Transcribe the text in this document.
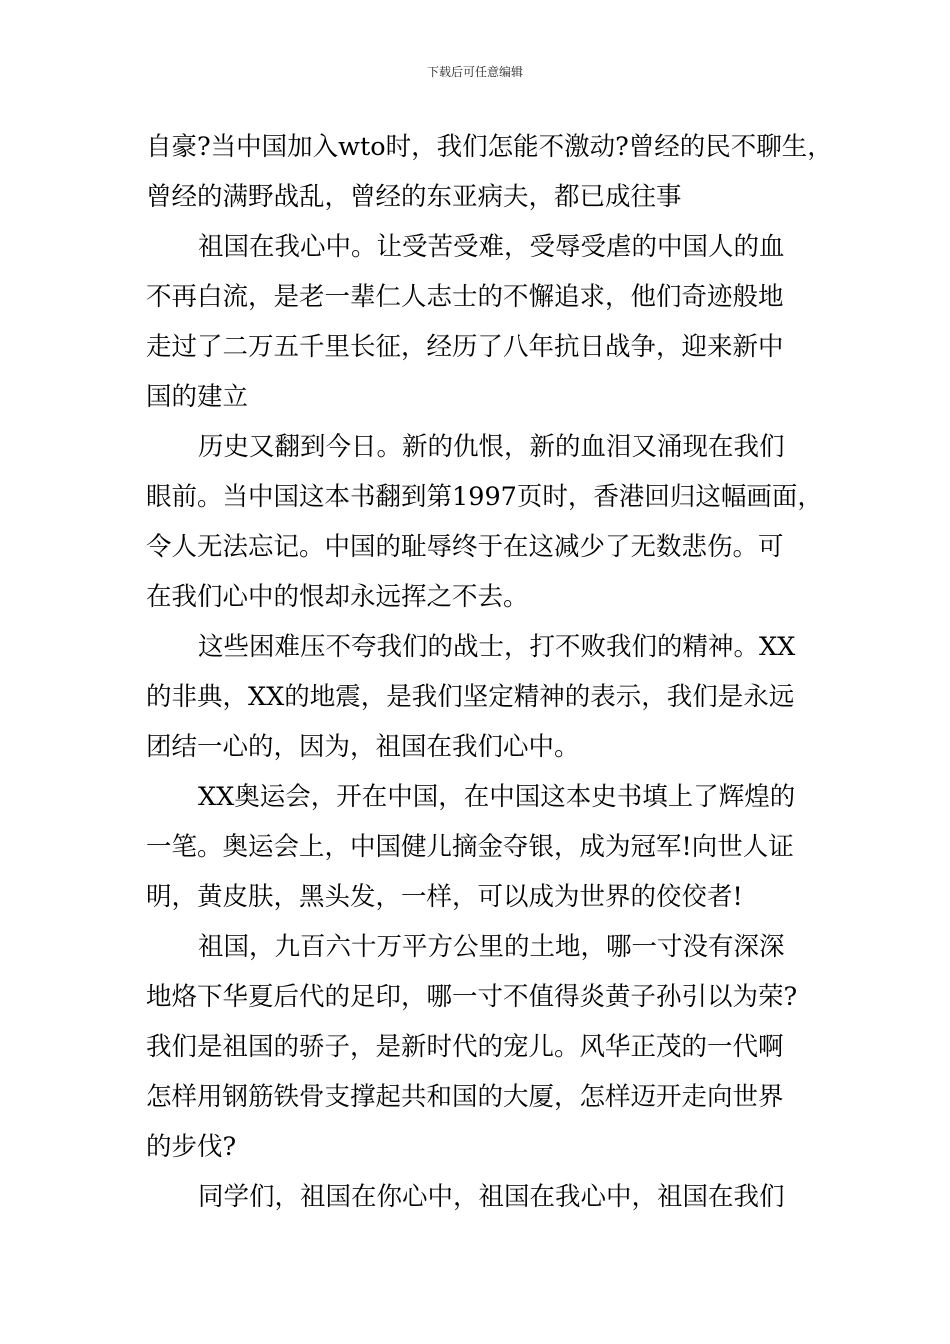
下载后可任意编辑
自豪?当中国加入wto时，我们怎能不激动?曾经的民不聊生，
曾经的满野战乱，曾经的东亚病夫，都已成往事
祖国在我心中。让受苦受难，受辱受虐的中国人的血
不再白流，是老一辈仁人志士的不懈追求，他们奇迹般地
走过了二万五千里长征，经历了八年抗日战争，迎来新中
国的建立
历史又翻到今日。新的仇恨，新的血泪又涌现在我们
眼前。当中国这本书翻到第1997页时，香港回归这幅画面，
令人无法忘记。中国的耻辱终于在这减少了无数悲伤。可
在我们心中的恨却永远挥之不去。
这些困难压不夸我们的战士，打不败我们的精神。XX
的非典，XX的地震，是我们坚定精神的表示，我们是永远
团结一心的，因为，祖国在我们心中。
XX奥运会，开在中国，在中国这本史书填上了辉煌的
一笔。奥运会上，中国健儿摘金夺银，成为冠军!向世人证
明，黄皮肤，黑头发，一样，可以成为世界的佼佼者!
祖国，九百六十万平方公里的土地，哪一寸没有深深
地烙下华夏后代的足印，哪一寸不值得炎黄子孙引以为荣?
我们是祖国的骄子，是新时代的宠儿。风华正茂的一代啊
怎样用钢筋铁骨支撑起共和国的大厦，怎样迈开走向世界
的步伐?
同学们，祖国在你心中，祖国在我心中，祖国在我们
